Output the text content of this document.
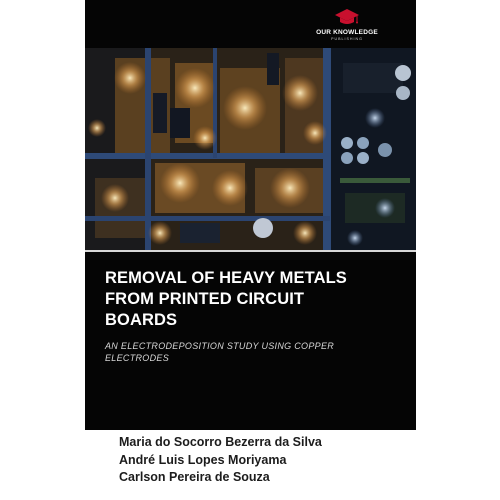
OUR KNOWLEDGE
PUBLISHING
REMOVAL OF HEAVY METALS
FROM PRINTED CIRCUIT
BOARDS
AN ELECTRODEPOSITION STUDY USING COPPER
ELECTRODES
Maria do Socorro Bezerra da Silva
André Luis Lopes Moriyama
Carlson Pereira de Souza
